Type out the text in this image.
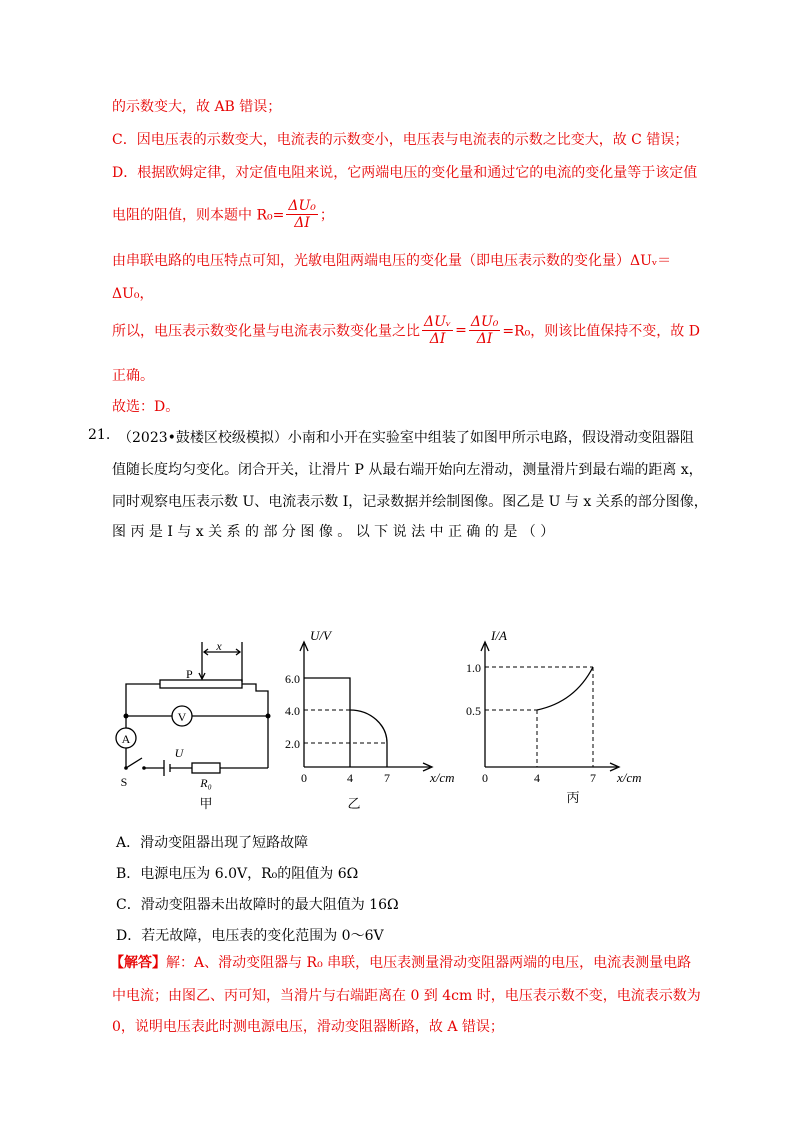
的示数变大，故 AB 错误；
C．因电压表的示数变大，电流表的示数变小，电压表与电流表的示数之比变大，故 C 错误；
D．根据欧姆定律，对定值电阻来说，它两端电压的变化量和通过它的电流的变化量等于该定值
电阻的阻值，则本题中 $R_0= \frac{\text{ΔU₀}}{\Delta I}$ ；
由串联电路的电压特点可知，光敏电阻两端电压的变化量（即电压表示数的变化量）ΔUᵥ＝
ΔU₀，
所以，电压表示数变化量与电流表示数变化量之比 $\frac{\text{ΔUᵥ}}{\Delta I} = \frac{\text{ΔU₀}}{\Delta I} =R_0$，则该比值保持不变，故 D
正确。
故选：D。
21. （2023•鼓楼区校级模拟）小南和小开在实验室中组装了如图甲所示电路，假设滑动变阻器阻
值随长度均匀变化。闭合开关，让滑片 P 从最右端开始向左滑动，测量滑片到最右端的距离 x，
同时观察电压表示数 U、电流表示数 I，记录数据并绘制图像。图乙是 U 与 x 关系的部分图像，
图 丙 是 I 与 x 关 系 的 部 分 图 像 。 以 下 说 法 中 正 确 的 是 （ ）
x
P
V
A
U
R₀
S
甲
U/V
6.0
4.0
2.0
0	4	7	x/cm
乙
I/A
1.0
0.5
0	4	7 x/cm
丙
A．滑动变阻器出现了短路故障
B．电源电压为 6.0V，R₀的阻值为 6Ω
C．滑动变阻器未出故障时的最大阻值为 16Ω
D．若无故障，电压表的变化范围为 0～6V
【解答】解：A、滑动变阻器与 R₀ 串联，电压表测量滑动变阻器两端的电压，电流表测量电路
中电流；由图乙、丙可知，当滑片与右端距离在 0 到 4cm 时，电压表示数不变，电流表示数为
0，说明电压表此时测电源电压，滑动变阻器断路，故 A 错误；
